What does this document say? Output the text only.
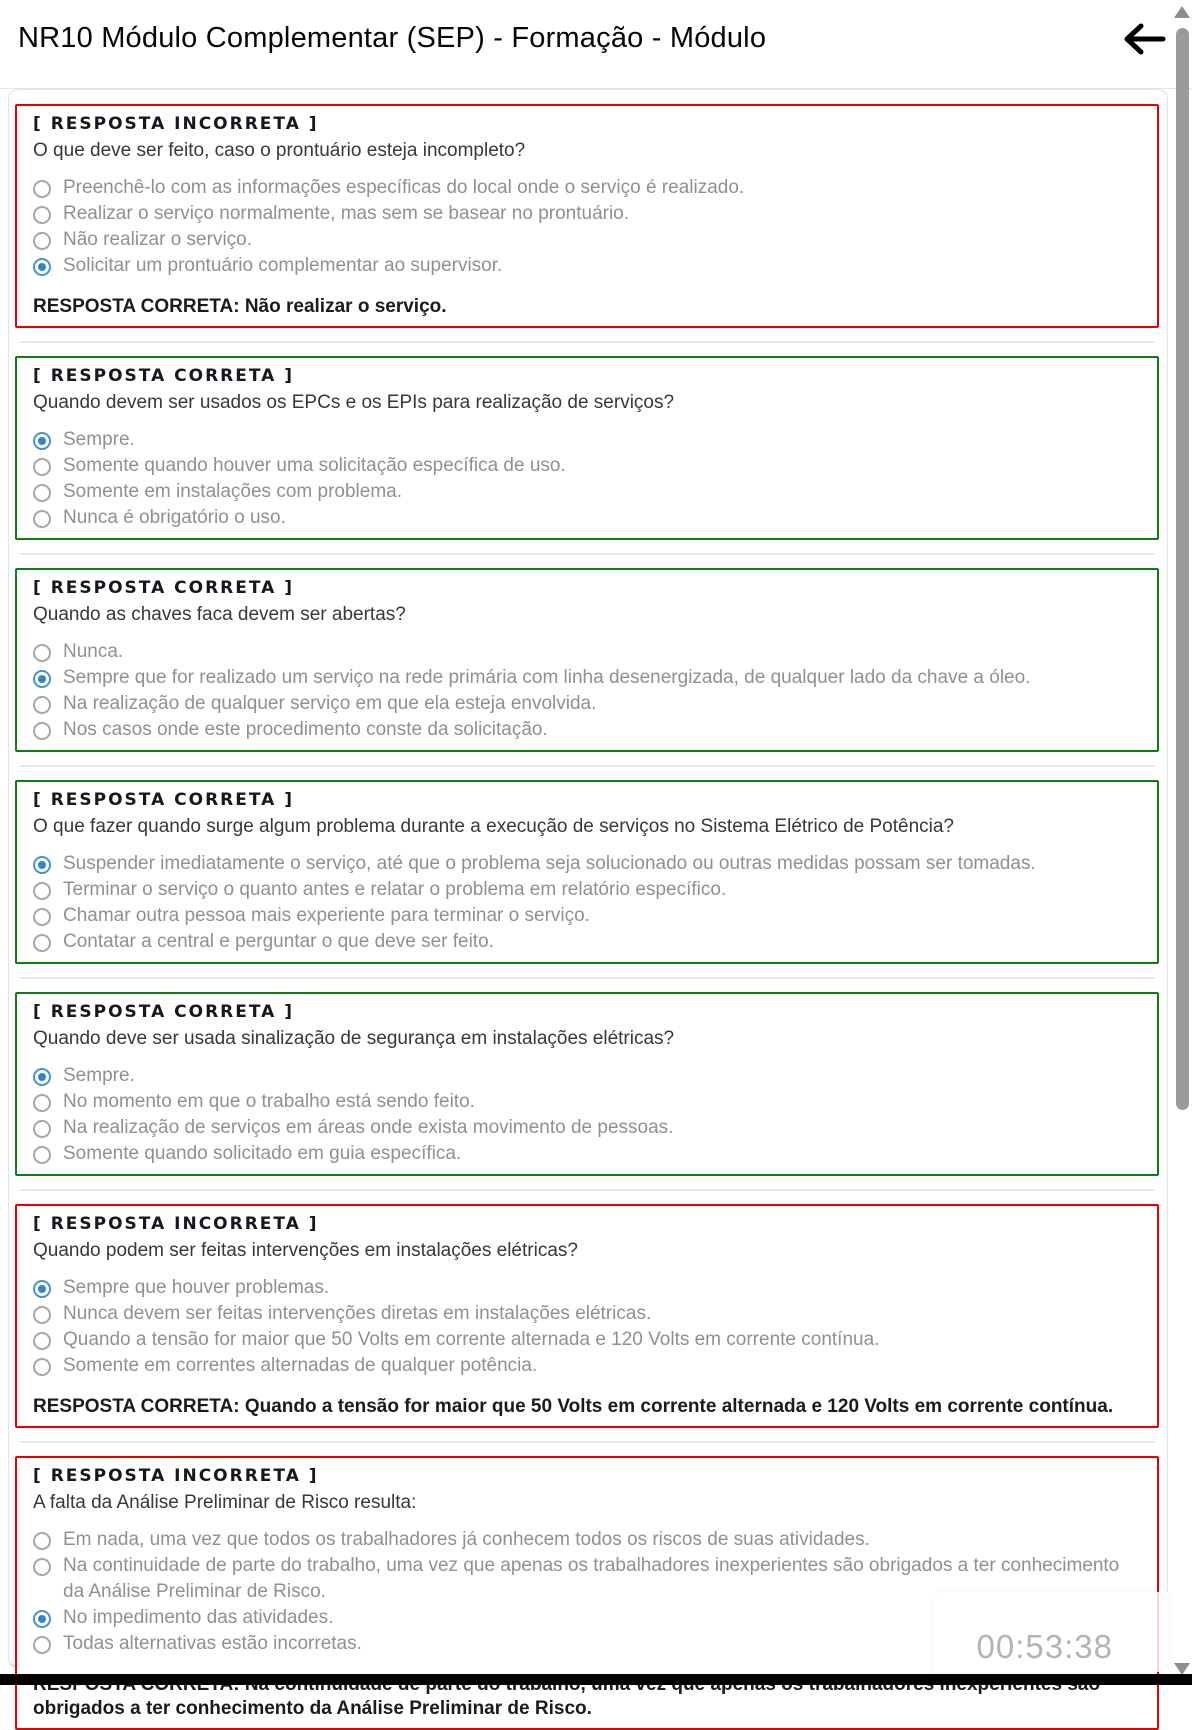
NR10 Módulo Complementar (SEP) - Formação - Módulo
[ RESPOSTA INCORRETA ]
O que deve ser feito, caso o prontuário esteja incompleto?
Preenchê-lo com as informações específicas do local onde o serviço é realizado.
Realizar o serviço normalmente, mas sem se basear no prontuário.
Não realizar o serviço.
Solicitar um prontuário complementar ao supervisor.
RESPOSTA CORRETA: Não realizar o serviço.
[ RESPOSTA CORRETA ]
Quando devem ser usados os EPCs e os EPIs para realização de serviços?
Sempre.
Somente quando houver uma solicitação específica de uso.
Somente em instalações com problema.
Nunca é obrigatório o uso.
[ RESPOSTA CORRETA ]
Quando as chaves faca devem ser abertas?
Nunca.
Sempre que for realizado um serviço na rede primária com linha desenergizada, de qualquer lado da chave a óleo.
Na realização de qualquer serviço em que ela esteja envolvida.
Nos casos onde este procedimento conste da solicitação.
[ RESPOSTA CORRETA ]
O que fazer quando surge algum problema durante a execução de serviços no Sistema Elétrico de Potência?
Suspender imediatamente o serviço, até que o problema seja solucionado ou outras medidas possam ser tomadas.
Terminar o serviço o quanto antes e relatar o problema em relatório específico.
Chamar outra pessoa mais experiente para terminar o serviço.
Contatar a central e perguntar o que deve ser feito.
[ RESPOSTA CORRETA ]
Quando deve ser usada sinalização de segurança em instalações elétricas?
Sempre.
No momento em que o trabalho está sendo feito.
Na realização de serviços em áreas onde exista movimento de pessoas.
Somente quando solicitado em guia específica.
[ RESPOSTA INCORRETA ]
Quando podem ser feitas intervenções em instalações elétricas?
Sempre que houver problemas.
Nunca devem ser feitas intervenções diretas em instalações elétricas.
Quando a tensão for maior que 50 Volts em corrente alternada e 120 Volts em corrente contínua.
Somente em correntes alternadas de qualquer potência.
RESPOSTA CORRETA: Quando a tensão for maior que 50 Volts em corrente alternada e 120 Volts em corrente contínua.
[ RESPOSTA INCORRETA ]
A falta da Análise Preliminar de Risco resulta:
Em nada, uma vez que todos os trabalhadores já conhecem todos os riscos de suas atividades.
Na continuidade de parte do trabalho, uma vez que apenas os trabalhadores inexperientes são obrigados a ter conhecimento da Análise Preliminar de Risco.
No impedimento das atividades.
Todas alternativas estão incorretas.
obrigados a ter conhecimento da Análise Preliminar de Risco.
00:53:38
